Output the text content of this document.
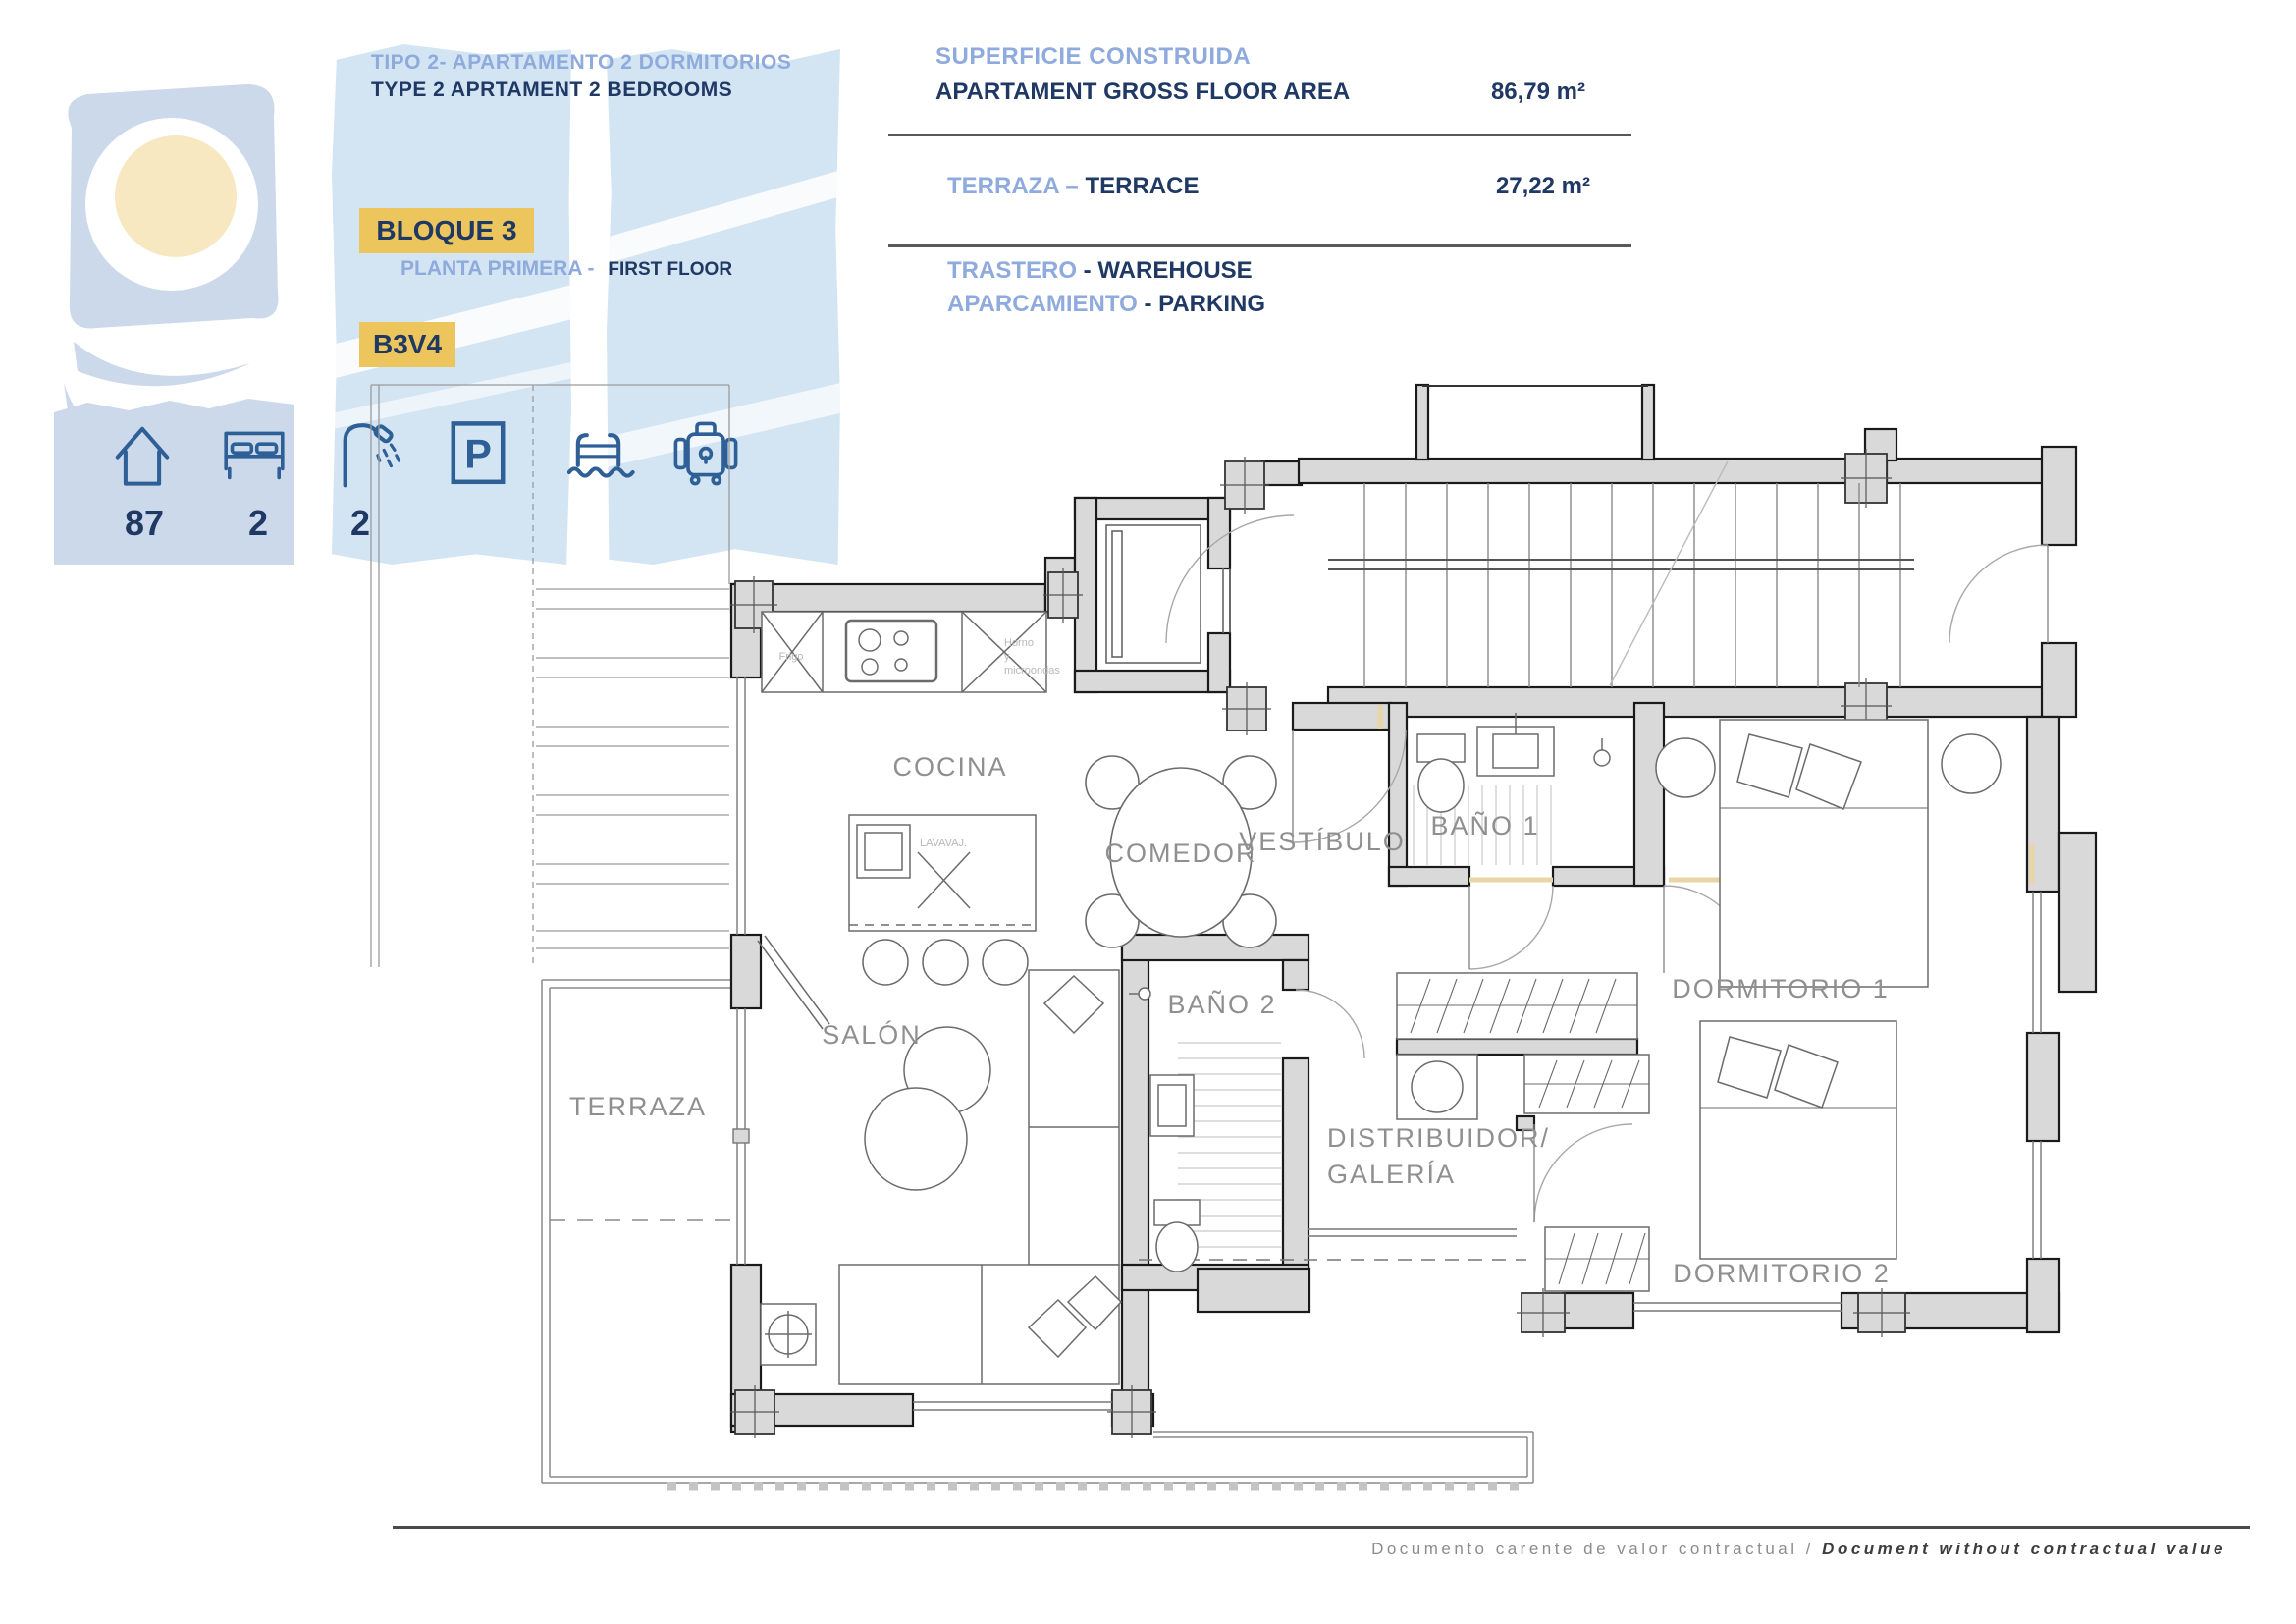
TIPO 2- APARTAMENTO 2 DORMITORIOS
TYPE 2 APRTAMENT 2 BEDROOMS
BLOQUE 3
PLANTA PRIMERA - FIRST FLOOR
B3V4
87 2 2
P
SUPERFICIE CONSTRUIDA
APARTAMENT GROSS FLOOR AREA	86,79 m²
TERRAZA – TERRACE	27,22 m²
TRASTERO - WAREHOUSE
APARCAMIENTO - PARKING
COCINA
COMEDOR
VESTÍBULO
BAÑO 1
DORMITORIO 1
SALÓN
BAÑO 2
DISTRIBUIDOR/
GALERÍA
DORMITORIO 2
TERRAZA
Frigo
Horno
y
microondas
LAVAVAJ.
Documento carente de valor contractual / Document without contractual value
